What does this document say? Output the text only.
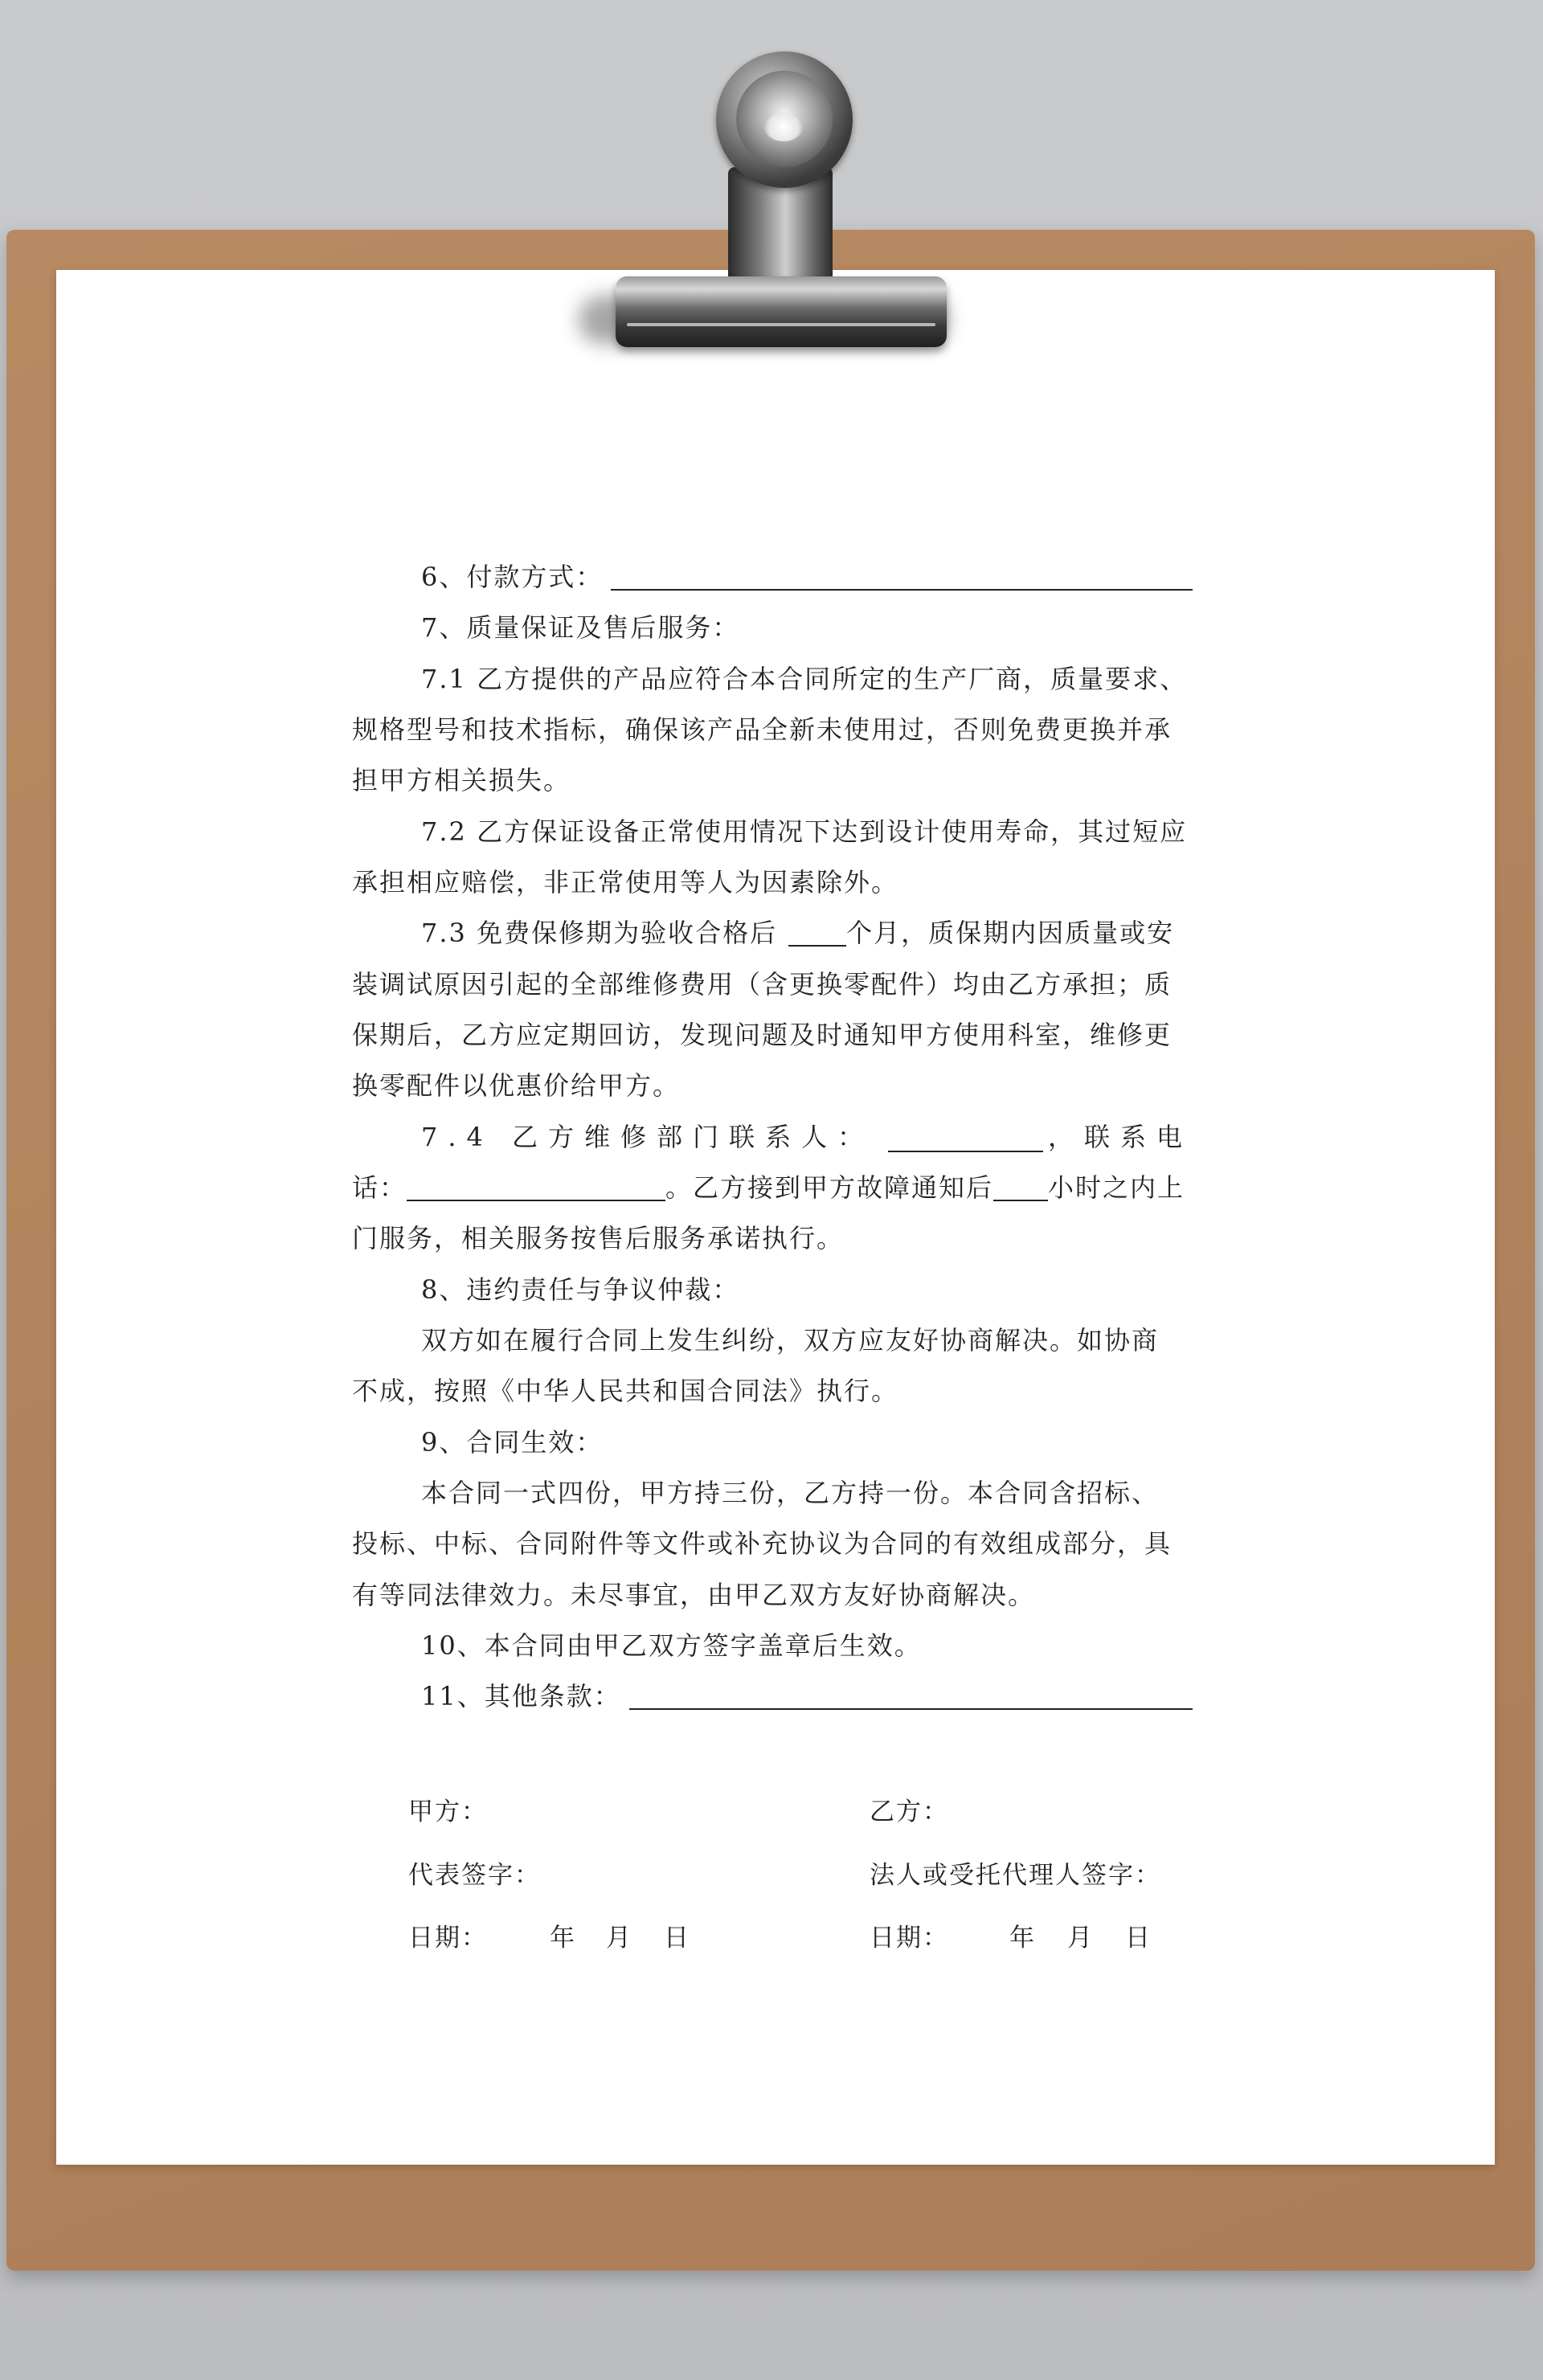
6、付款方式：
7、质量保证及售后服务：
7.1 乙方提供的产品应符合本合同所定的生产厂商，质量要求、
规格型号和技术指标，确保该产品全新未使用过，否则免费更换并承
担甲方相关损失。
7.2 乙方保证设备正常使用情况下达到设计使用寿命，其过短应
承担相应赔偿，非正常使用等人为因素除外。
7.3 免费保修期为验收合格后	个月，质保期内因质量或安
装调试原因引起的全部维修费用（含更换零配件）均由乙方承担；质
保期后，乙方应定期回访，发现问题及时通知甲方使用科室，维修更
换零配件以优惠价给甲方。
7.4 乙方维修部门联系人：	，联系电
话：	。乙方接到甲方故障通知后 小时之内上
门服务，相关服务按售后服务承诺执行。
8、违约责任与争议仲裁：
双方如在履行合同上发生纠纷，双方应友好协商解决。如协商
不成，按照《中华人民共和国合同法》执行。
9、合同生效：
本合同一式四份，甲方持三份，乙方持一份。本合同含招标、
投标、中标、合同附件等文件或补充协议为合同的有效组成部分，具
有等同法律效力。未尽事宜，由甲乙双方友好协商解决。
10、本合同由甲乙双方签字盖章后生效。
11、其他条款：
甲方：	乙方：
代表签字：	法人或受托代理人签字：
日期： 年 月 日	日期： 年 月 日
